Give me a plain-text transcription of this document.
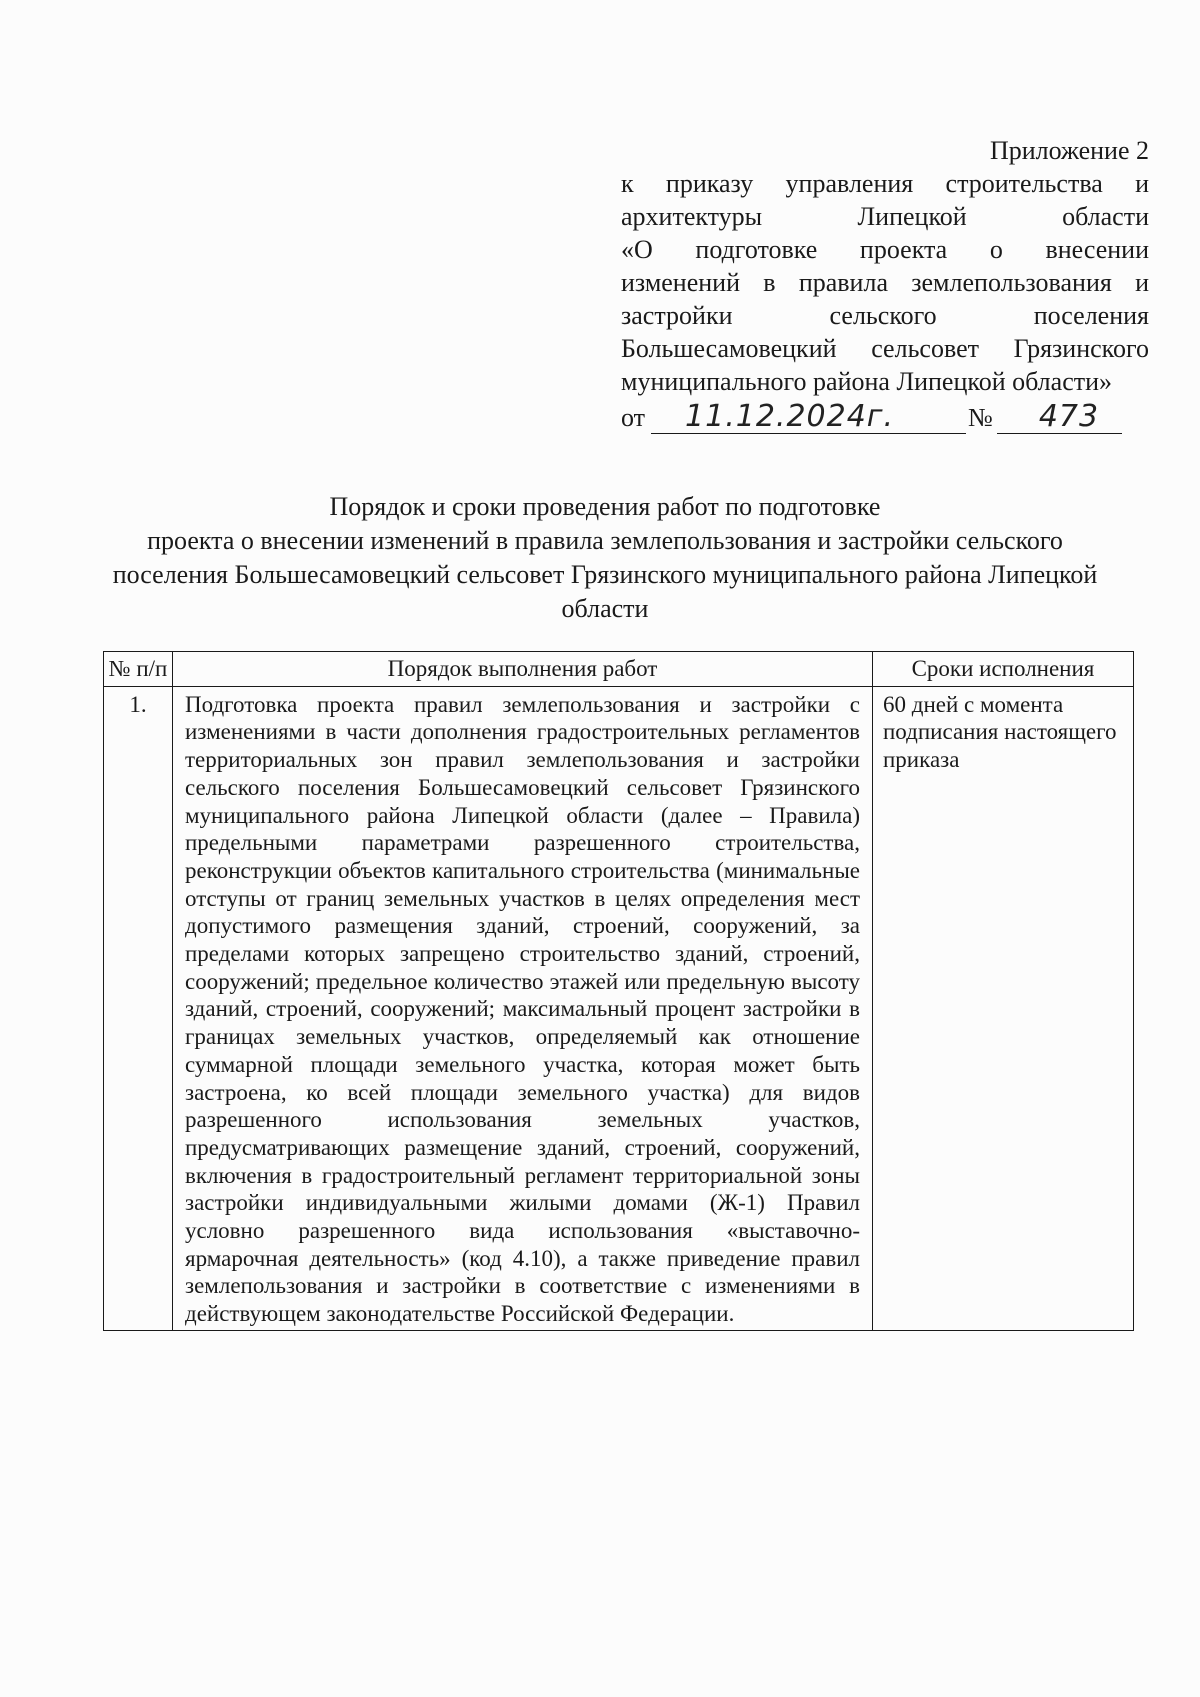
Приложение 2
к приказу управления строительства и
архитектуры Липецкой области
«О подготовке проекта о внесении
изменений в правила землепользования и
застройки сельского поселения
Большесамовецкий сельсовет Грязинского
муниципального района Липецкой области»
от 11.12.2024г.	№ 473
Порядок и сроки проведения работ по подготовке
проекта о внесении изменений в правила землепользования и застройки сельского
поселения Большесамовецкий сельсовет Грязинского муниципального района Липецкой
области
№ п/п	Порядок выполнения работ	Сроки исполнения
1.	Подготовка проекта правил землепользования и застройки с изменениями в части дополнения градостроительных регламентов территориальных зон правил землепользования и застройки сельского поселения Большесамовецкий сельсовет Грязинского муниципального района Липецкой области (далее – Правила) предельными параметрами разрешенного строительства, реконструкции объектов капитального строительства (минимальные отступы от границ земельных участков в целях определения мест допустимого размещения зданий, строений, сооружений, за пределами которых запрещено строительство зданий, строений, сооружений; предельное количество этажей или предельную высоту зданий, строений, сооружений; максимальный процент застройки в границах земельных участков, определяемый как отношение суммарной площади земельного участка, которая может быть застроена, ко всей площади земельного участка) для видов разрешенного использования земельных участков, предусматривающих размещение зданий, строений, сооружений, включения в градостроительный регламент территориальной зоны застройки индивидуальными жилыми домами (Ж-1) Правил условно разрешенного вида использования «выставочно-ярмарочная деятельность» (код 4.10), а также приведение правил землепользования и застройки в соответствие с изменениями в действующем законодательстве Российской Федерации.	60 дней с момента подписания настоящего приказа
